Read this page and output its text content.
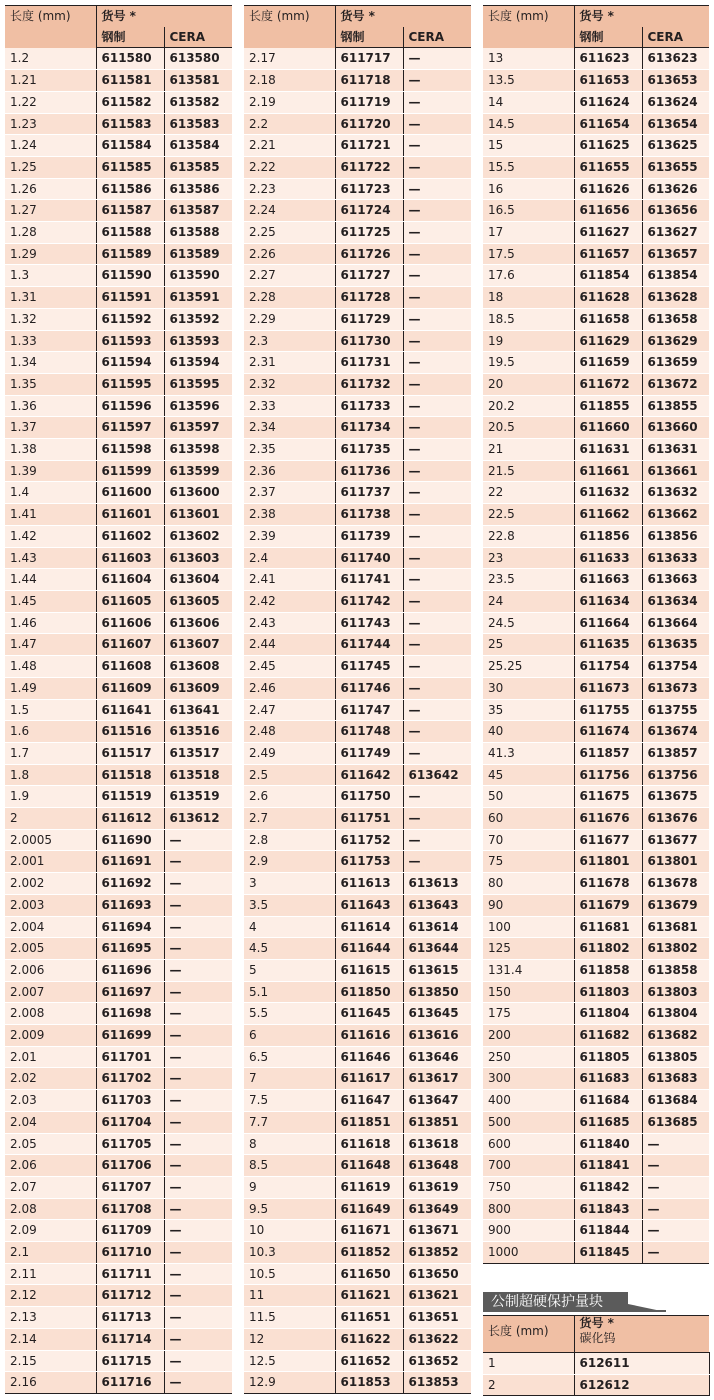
长度 (mm)	货号 *	
	钢制	CERA
1.2	611580	613580
1.21	611581	613581
1.22	611582	613582
1.23	611583	613583
1.24	611584	613584
1.25	611585	613585
1.26	611586	613586
1.27	611587	613587
1.28	611588	613588
1.29	611589	613589
1.3	611590	613590
1.31	611591	613591
1.32	611592	613592
1.33	611593	613593
1.34	611594	613594
1.35	611595	613595
1.36	611596	613596
1.37	611597	613597
1.38	611598	613598
1.39	611599	613599
1.4	611600	613600
1.41	611601	613601
1.42	611602	613602
1.43	611603	613603
1.44	611604	613604
1.45	611605	613605
1.46	611606	613606
1.47	611607	613607
1.48	611608	613608
1.49	611609	613609
1.5	611641	613641
1.6	611516	613516
1.7	611517	613517
1.8	611518	613518
1.9	611519	613519
2	611612	613612
2.0005	611690	—
2.001	611691	—
2.002	611692	—
2.003	611693	—
2.004	611694	—
2.005	611695	—
2.006	611696	—
2.007	611697	—
2.008	611698	—
2.009	611699	—
2.01	611701	—
2.02	611702	—
2.03	611703	—
2.04	611704	—
2.05	611705	—
2.06	611706	—
2.07	611707	—
2.08	611708	—
2.09	611709	—
2.1	611710	—
2.11	611711	—
2.12	611712	—
2.13	611713	—
2.14	611714	—
2.15	611715	—
2.16	611716	—
长度 (mm)	货号 *	
	钢制	CERA
2.17	611717	—
2.18	611718	—
2.19	611719	—
2.2	611720	—
2.21	611721	—
2.22	611722	—
2.23	611723	—
2.24	611724	—
2.25	611725	—
2.26	611726	—
2.27	611727	—
2.28	611728	—
2.29	611729	—
2.3	611730	—
2.31	611731	—
2.32	611732	—
2.33	611733	—
2.34	611734	—
2.35	611735	—
2.36	611736	—
2.37	611737	—
2.38	611738	—
2.39	611739	—
2.4	611740	—
2.41	611741	—
2.42	611742	—
2.43	611743	—
2.44	611744	—
2.45	611745	—
2.46	611746	—
2.47	611747	—
2.48	611748	—
2.49	611749	—
2.5	611642	613642
2.6	611750	—
2.7	611751	—
2.8	611752	—
2.9	611753	—
3	611613	613613
3.5	611643	613643
4	611614	613614
4.5	611644	613644
5	611615	613615
5.1	611850	613850
5.5	611645	613645
6	611616	613616
6.5	611646	613646
7	611617	613617
7.5	611647	613647
7.7	611851	613851
8	611618	613618
8.5	611648	613648
9	611619	613619
9.5	611649	613649
10	611671	613671
10.3	611852	613852
10.5	611650	613650
11	611621	613621
11.5	611651	613651
12	611622	613622
12.5	611652	613652
12.9	611853	613853
长度 (mm)	货号 *	
	钢制	CERA
13	611623	613623
13.5	611653	613653
14	611624	613624
14.5	611654	613654
15	611625	613625
15.5	611655	613655
16	611626	613626
16.5	611656	613656
17	611627	613627
17.5	611657	613657
17.6	611854	613854
18	611628	613628
18.5	611658	613658
19	611629	613629
19.5	611659	613659
20	611672	613672
20.2	611855	613855
20.5	611660	613660
21	611631	613631
21.5	611661	613661
22	611632	613632
22.5	611662	613662
22.8	611856	613856
23	611633	613633
23.5	611663	613663
24	611634	613634
24.5	611664	613664
25	611635	613635
25.25	611754	613754
30	611673	613673
35	611755	613755
40	611674	613674
41.3	611857	613857
45	611756	613756
50	611675	613675
60	611676	613676
70	611677	613677
75	611801	613801
80	611678	613678
90	611679	613679
100	611681	613681
125	611802	613802
131.4	611858	613858
150	611803	613803
175	611804	613804
200	611682	613682
250	611805	613805
300	611683	613683
400	611684	613684
500	611685	613685
600	611840	—
700	611841	—
750	611842	—
800	611843	—
900	611844	—
1000	611845	—
公制超硬保护量块
长度 (mm)	货号 *
碳化钨

1	612611
2	612612
